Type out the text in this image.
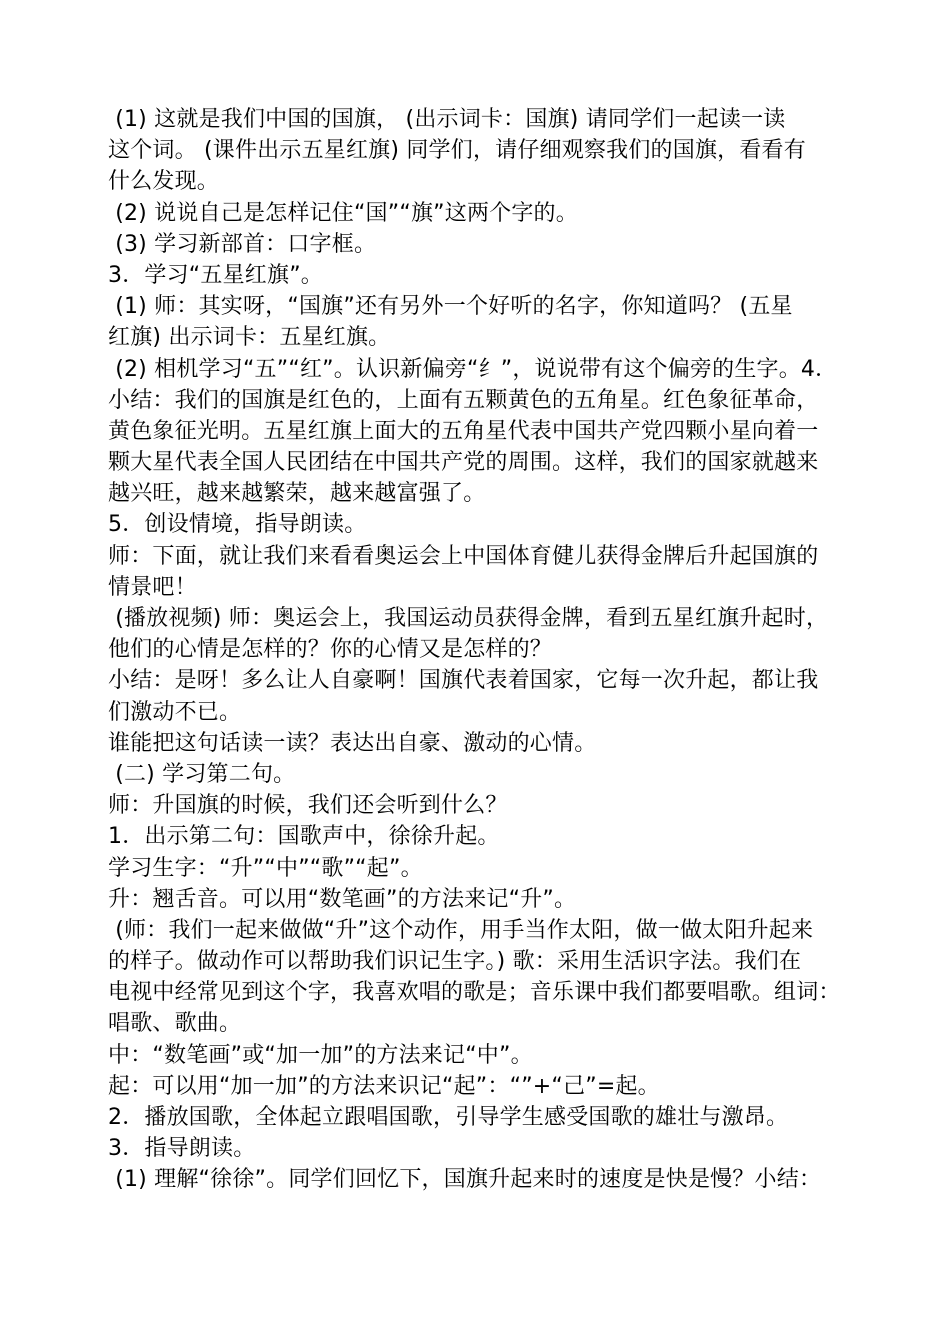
(1) 这就是我们中国的国旗， (出示词卡：国旗) 请同学们一起读一读
这个词。 (课件出示五星红旗) 同学们，请仔细观察我们的国旗，看看有
什么发现。
(2) 说说自己是怎样记住“国”“旗”这两个字的。
(3) 学习新部首：口字框。
3．学习“五星红旗”。
(1) 师：其实呀，“国旗”还有另外一个好听的名字，你知道吗？ (五星
红旗) 出示词卡：五星红旗。
(2) 相机学习“五”“红”。认识新偏旁“纟”，说说带有这个偏旁的生字。4．
小结：我们的国旗是红色的，上面有五颗黄色的五角星。红色象征革命，
黄色象征光明。五星红旗上面大的五角星代表中国共产党四颗小星向着一
颗大星代表全国人民团结在中国共产党的周围。这样，我们的国家就越来
越兴旺，越来越繁荣，越来越富强了。
5．创设情境，指导朗读。
师：下面，就让我们来看看奥运会上中国体育健儿获得金牌后升起国旗的
情景吧！
(播放视频) 师：奥运会上，我国运动员获得金牌，看到五星红旗升起时，
他们的心情是怎样的？你的心情又是怎样的？
小结：是呀！多么让人自豪啊！国旗代表着国家，它每一次升起，都让我
们激动不已。
谁能把这句话读一读？表达出自豪、激动的心情。
(二) 学习第二句。
师：升国旗的时候，我们还会听到什么？
1．出示第二句：国歌声中，徐徐升起。
学习生字：“升”“中”“歌”“起”。
升：翘舌音。可以用“数笔画”的方法来记“升”。
(师：我们一起来做做“升”这个动作，用手当作太阳，做一做太阳升起来
的样子。做动作可以帮助我们识记生字。) 歌：采用生活识字法。我们在
电视中经常见到这个字，我喜欢唱的歌是；音乐课中我们都要唱歌。组词：
唱歌、歌曲。
中：“数笔画”或“加一加”的方法来记“中”。
起：可以用“加一加”的方法来识记“起”：“”+“己”=起。
2．播放国歌，全体起立跟唱国歌，引导学生感受国歌的雄壮与激昂。
3．指导朗读。
(1) 理解“徐徐”。同学们回忆下，国旗升起来时的速度是快是慢？小结：
